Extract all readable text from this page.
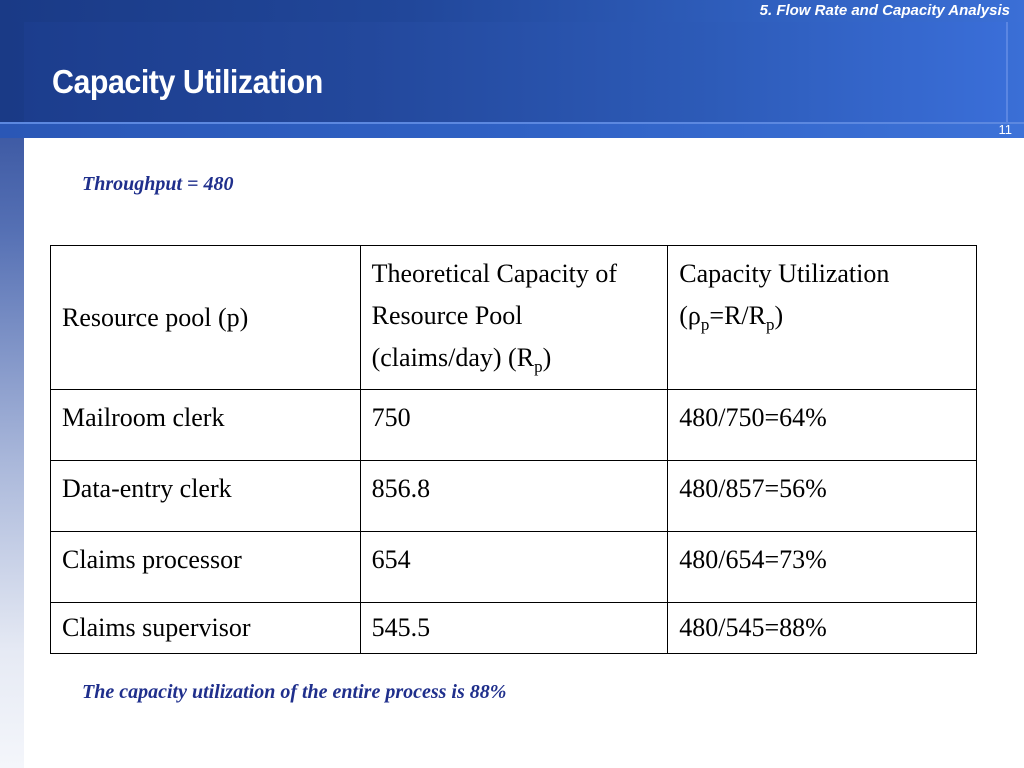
5. Flow Rate and Capacity Analysis
Capacity Utilization
11

Throughput = 480

Resource pool (p)	Theoretical Capacity of Resource Pool (claims/day) $(R_p)$	Capacity Utilization
$(\rho_p=R/R_p)$

Mailroom clerk	750	480/750=64%

Data-entry clerk	856.8	480/857=56%

Claims processor	654	480/654=73%

Claims supervisor	545.5	480/545=88%

The capacity utilization of the entire process is 88%
